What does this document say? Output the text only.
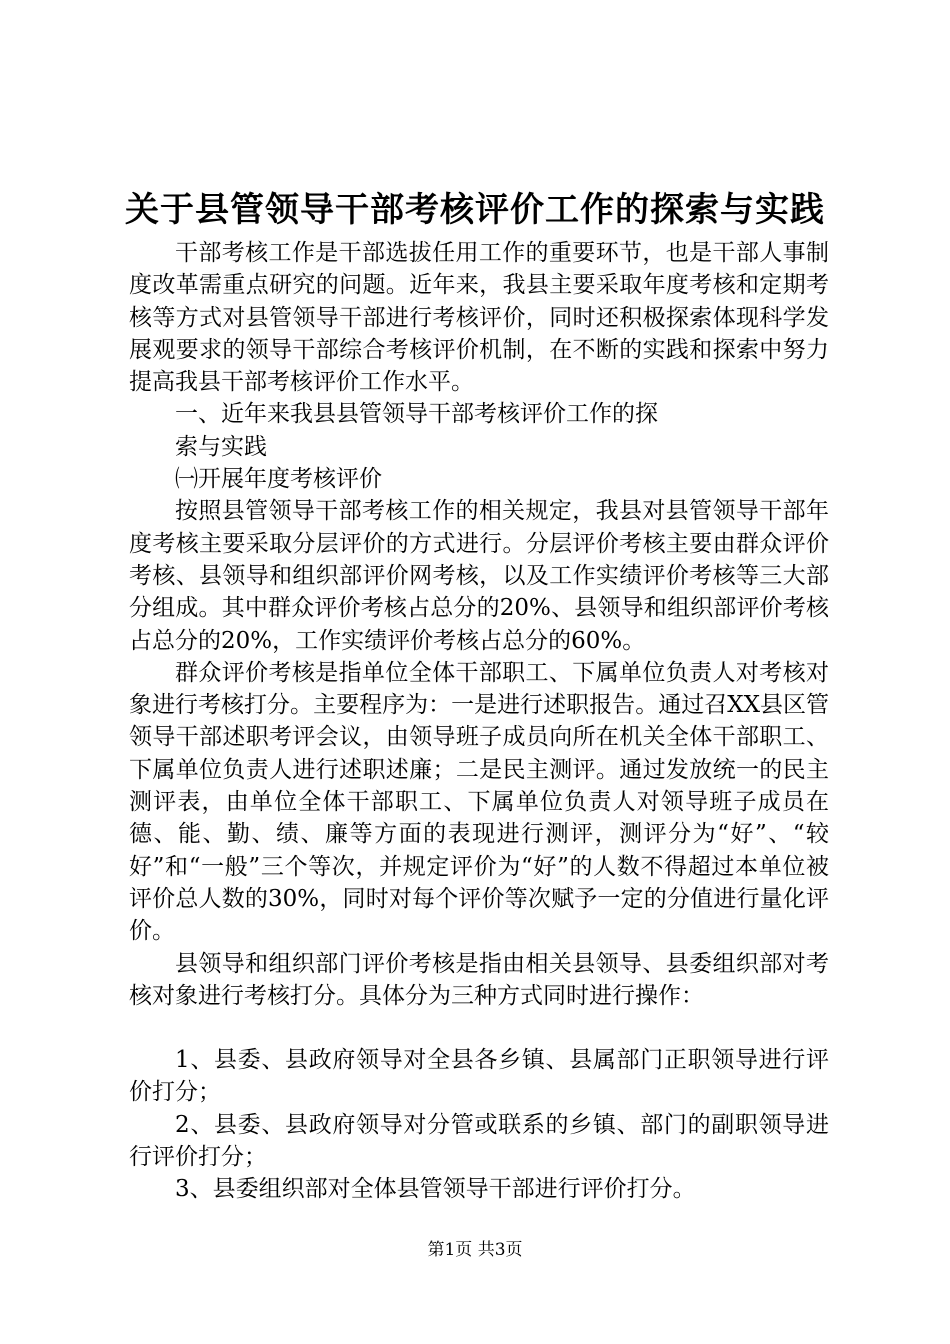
关于县管领导干部考核评价工作的探索与实践

干部考核工作是干部选拔任用工作的重要环节，也是干部人事制度改革需重点研究的问题。近年来，我县主要采取年度考核和定期考核等方式对县管领导干部进行考核评价，同时还积极探索体现科学发展观要求的领导干部综合考核评价机制，在不断的实践和探索中努力提高我县干部考核评价工作水平。

一、近年来我县县管领导干部考核评价工作的探

索与实践

㈠开展年度考核评价

按照县管领导干部考核工作的相关规定，我县对县管领导干部年度考核主要采取分层评价的方式进行。分层评价考核主要由群众评价考核、县领导和组织部评价网考核，以及工作实绩评价考核等三大部分组成。其中群众评价考核占总分的20%、县领导和组织部评价考核占总分的20%，工作实绩评价考核占总分的60%。

群众评价考核是指单位全体干部职工、下属单位负责人对考核对象进行考核打分。主要程序为：一是进行述职报告。通过召XX县区管领导干部述职考评会议，由领导班子成员向所在机关全体干部职工、下属单位负责人进行述职述廉；二是民主测评。通过发放统一的民主测评表，由单位全体干部职工、下属单位负责人对领导班子成员在德、能、勤、绩、廉等方面的表现进行测评，测评分为“好”、“较好”和“一般”三个等次，并规定评价为“好”的人数不得超过本单位被评价总人数的30%，同时对每个评价等次赋予一定的分值进行量化评价。

县领导和组织部门评价考核是指由相关县领导、县委组织部对考核对象进行考核打分。具体分为三种方式同时进行操作：

1、县委、县政府领导对全县各乡镇、县属部门正职领导进行评价打分；

2、县委、县政府领导对分管或联系的乡镇、部门的副职领导进行评价打分；

3、县委组织部对全体县管领导干部进行评价打分。

第1页 共3页
